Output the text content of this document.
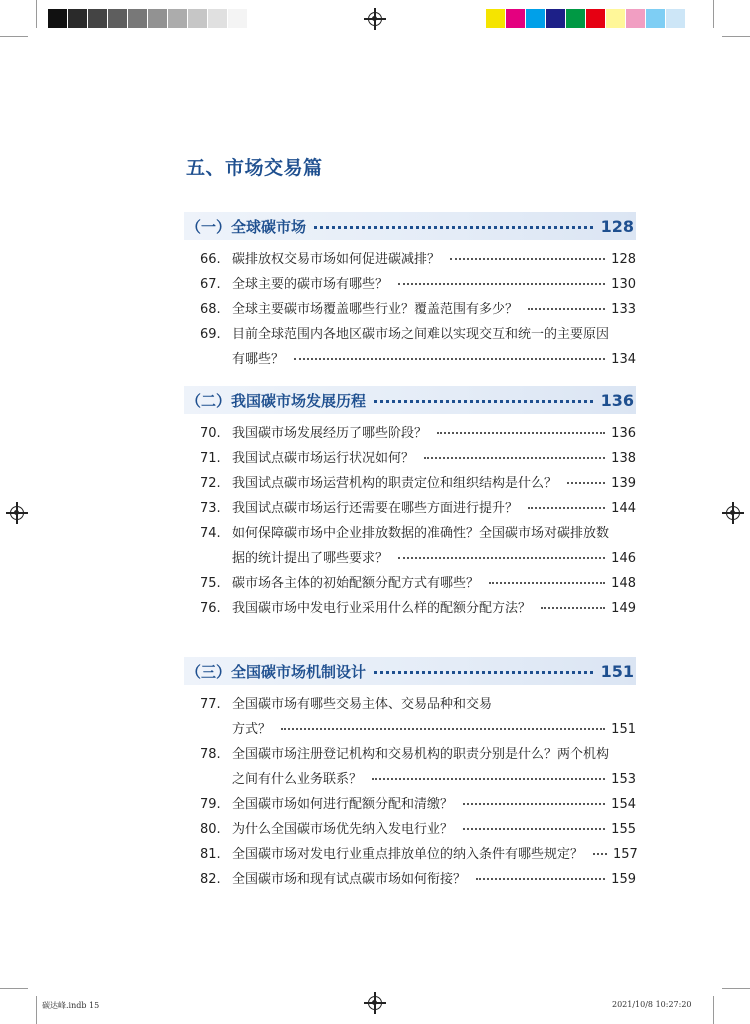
五、市场交易篇
（一）全球碳市场	128
66. 碳排放权交易市场如何促进碳减排？	128
67. 全球主要的碳市场有哪些？	130
68. 全球主要碳市场覆盖哪些行业？覆盖范围有多少？	133
69. 目前全球范围内各地区碳市场之间难以实现交互和统一的主要原因
有哪些？	134
（二）我国碳市场发展历程	136
70. 我国碳市场发展经历了哪些阶段？	136
71. 我国试点碳市场运行状况如何？	138
72. 我国试点碳市场运营机构的职责定位和组织结构是什么？	139
73. 我国试点碳市场运行还需要在哪些方面进行提升？	144
74. 如何保障碳市场中企业排放数据的准确性？全国碳市场对碳排放数
据的统计提出了哪些要求？	146
75. 碳市场各主体的初始配额分配方式有哪些？	148
76. 我国碳市场中发电行业采用什么样的配额分配方法？	149
（三）全国碳市场机制设计	151
77. 全国碳市场有哪些交易主体、交易品种和交易
方式？	151
78. 全国碳市场注册登记机构和交易机构的职责分别是什么？两个机构
之间有什么业务联系？	153
79. 全国碳市场如何进行配额分配和清缴？	154
80. 为什么全国碳市场优先纳入发电行业？	155
81. 全国碳市场对发电行业重点排放单位的纳入条件有哪些规定？ 157
82. 全国碳市场和现有试点碳市场如何衔接？	159
碳达峰.indb 15	2021/10/8 10:27:20
